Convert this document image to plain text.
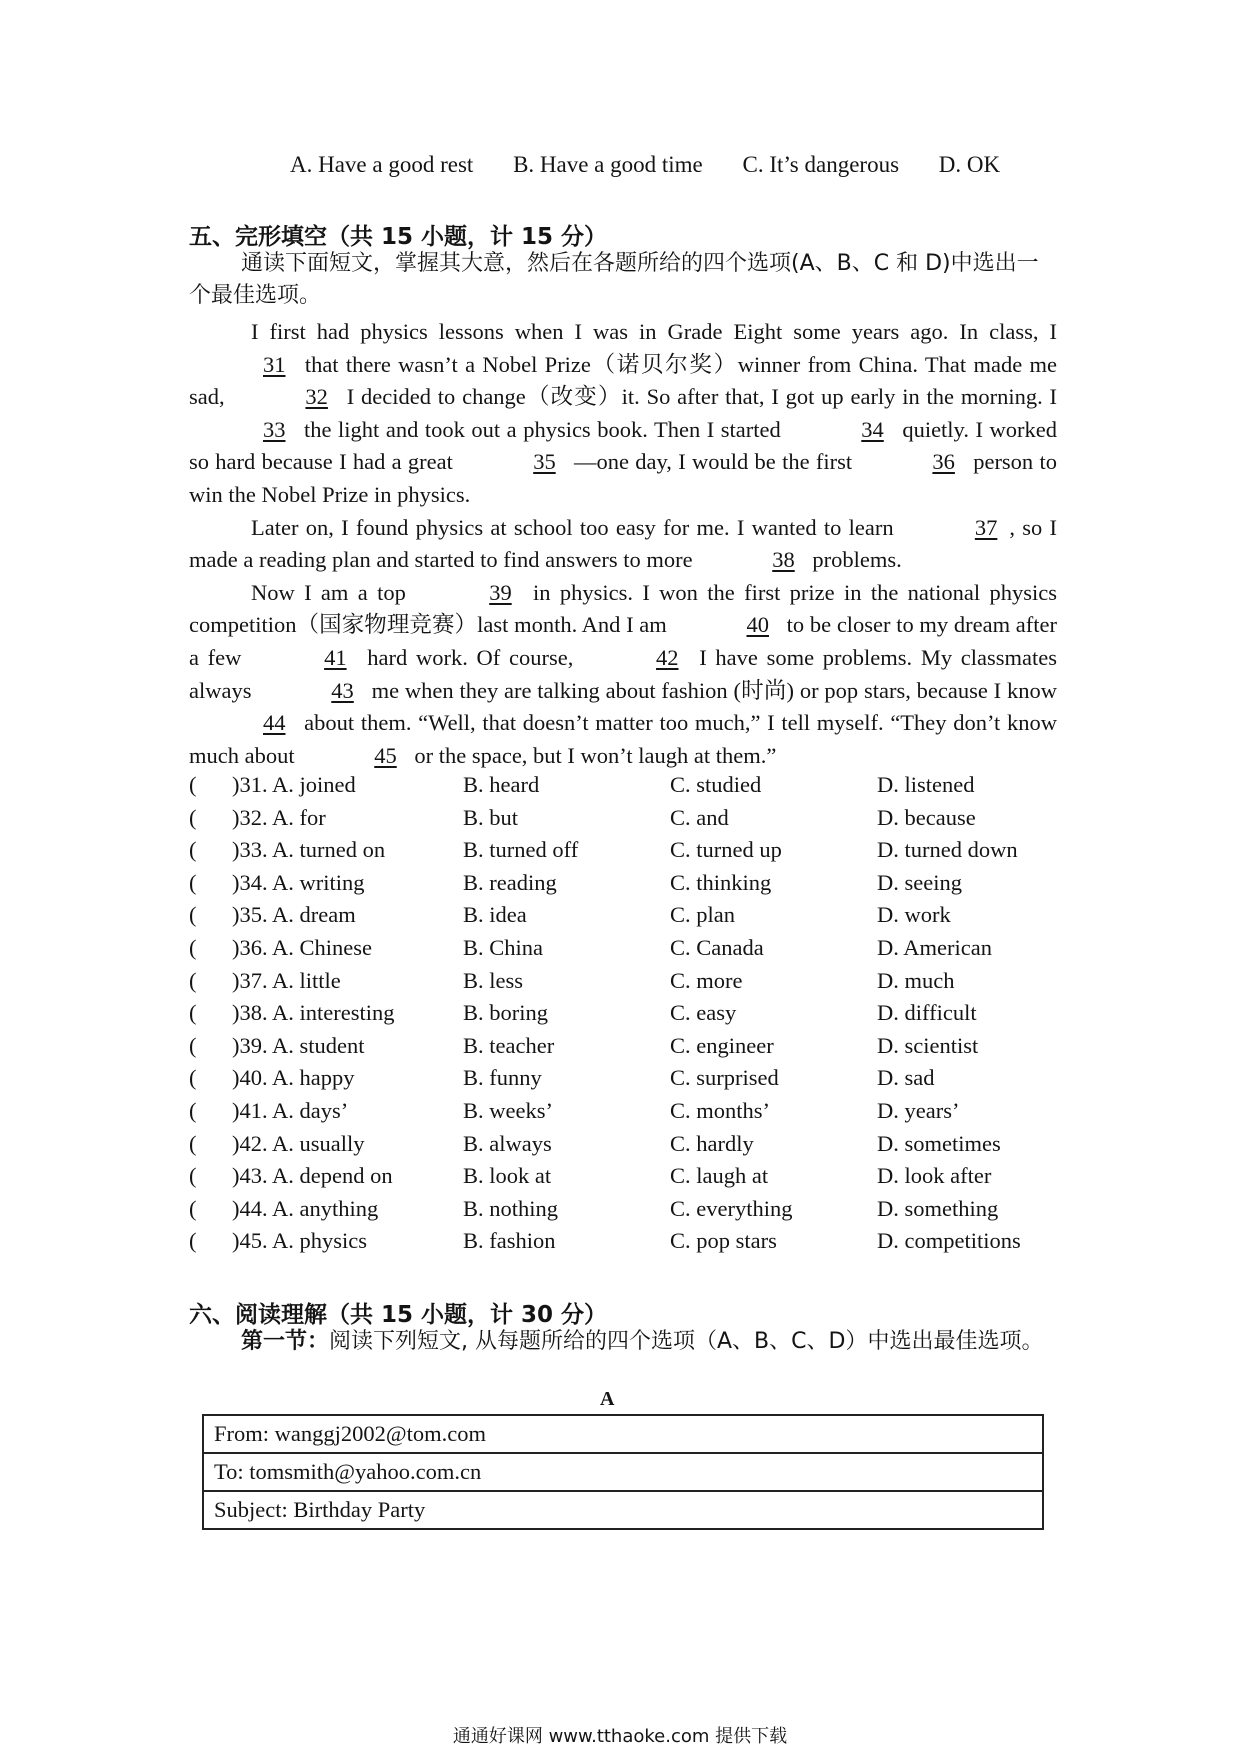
A. Have a good rest B. Have a good time C. It’s dangerous D. OK
五、完形填空（共 15 小题，计 15 分）
通读下面短文，掌握其大意，然后在各题所给的四个选项(A、B、C 和 D)中选出一个最佳选项。

I first had physics lessons when I was in Grade Eight some years ago. In class, I 31 that there wasn’t a Nobel Prize（诺贝尔奖）winner from China. That made me sad,	32 I decided to change（改变）it. So after that, I got up early in the morning. I 33 the light and took out a physics book. Then I started	34 quietly. I worked so hard because I had a great	35 —one day, I would be the first	36 person to win the Nobel Prize in physics.

Later on, I found physics at school too easy for me. I wanted to learn	37 , so I made a reading plan and started to find answers to more	38 problems.

Now I am a top	39 in physics. I won the first prize in the national physics competition（国家物理竞赛）last month. And I am	40 to be closer to my dream after a few	41 hard work. Of course,	42 I have some problems. My classmates always	43 me when they are talking about fashion (时尚) or pop stars, because I know 44 about them. “Well, that doesn’t matter too much,” I tell myself. “They don’t know much about	45 or the space, but I won’t laugh at them.”

( )31. A. joined	B. heard	C. studied	D. listened
( )32. A. for	B. but	C. and	D. because
( )33. A. turned on	B. turned off	C. turned up	D. turned down
( )34. A. writing	B. reading	C. thinking	D. seeing
( )35. A. dream	B. idea	C. plan	D. work
( )36. A. Chinese	B. China	C. Canada	D. American
( )37. A. little	B. less	C. more	D. much
( )38. A. interesting	B. boring	C. easy	D. difficult
( )39. A. student	B. teacher	C. engineer	D. scientist
( )40. A. happy	B. funny	C. surprised	D. sad
( )41. A. days’	B. weeks’	C. months’	D. years’
( )42. A. usually	B. always	C. hardly	D. sometimes
( )43. A. depend on	B. look at	C. laugh at	D. look after
( )44. A. anything	B. nothing	C. everything	D. something
( )45. A. physics	B. fashion	C. pop stars	D. competitions
六、阅读理解（共 15 小题，计 30 分）
第一节：阅读下列短文, 从每题所给的四个选项（A、B、C、D）中选出最佳选项。
A
From: wanggj2002@tom.com
To: tomsmith@yahoo.com.cn
Subject: Birthday Party
通通好课网 www.tthaoke.com 提供下载
